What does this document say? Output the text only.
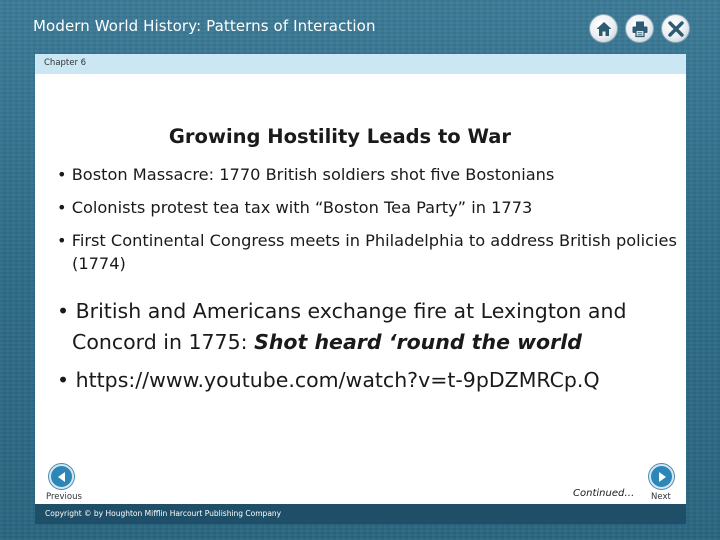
Modern World History: Patterns of Interaction
Chapter 6
Growing Hostility Leads to War
• Boston Massacre: 1770 British soldiers shot five Bostonians
• Colonists protest tea tax with “Boston Tea Party” in 1773
• First Continental Congress meets in Philadelphia to address British policies (1774)
• British and Americans exchange fire at Lexington and Concord in 1775: Shot heard ‘round the world
• https://www.youtube.com/watch?v=t-9pDZMRCp.Q
Previous	Continued… Next
Copyright © by Houghton Mifflin Harcourt Publishing Company
